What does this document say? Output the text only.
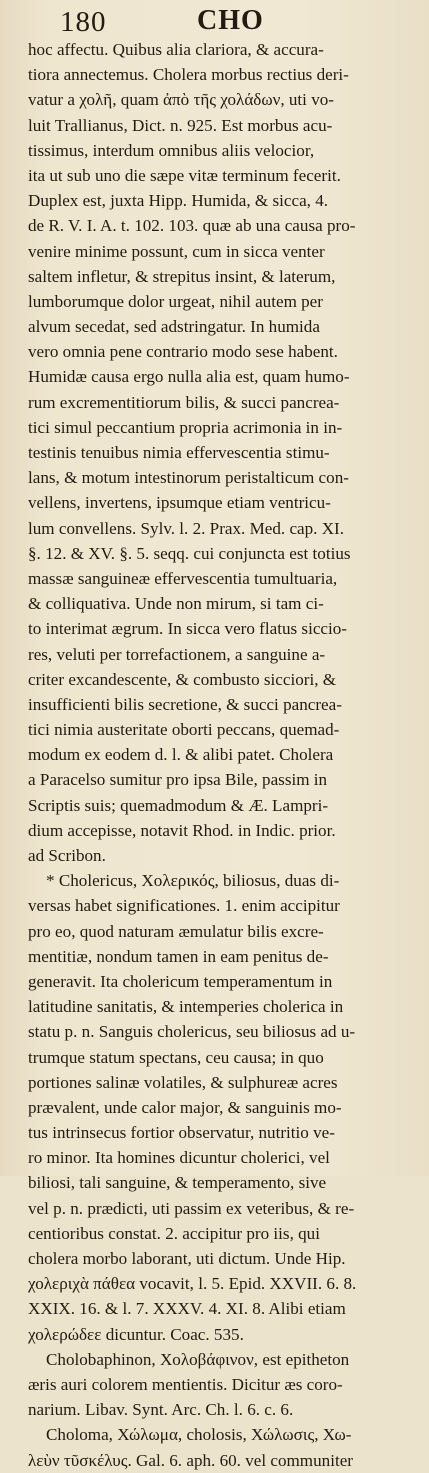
180	CHO
hoc affectu. Quibus alia clariora, & accura-
tiora annectemus. Cholera morbus rectius deri-
vatur a χολῆ, quam ἀπὸ τῆς χολάδων, uti vo-
luit Trallianus, Dict. n. 925. Est morbus acu-
tissimus, interdum omnibus aliis velocior,
ita ut sub uno die sæpe vitæ terminum fecerit.
Duplex est, juxta Hipp. Humida, & sicca, 4.
de R. V. I. A. t. 102. 103. quæ ab una causa pro-
venire minime possunt, cum in sicca venter
saltem infletur, & strepitus insint, & laterum,
lumborumque dolor urgeat, nihil autem per
alvum secedat, sed adstringatur. In humida
vero omnia pene contrario modo sese habent.
Humidæ causa ergo nulla alia est, quam humo-
rum excrementitiorum bilis, & succi pancrea-
tici simul peccantium propria acrimonia in in-
testinis tenuibus nimia effervescentia stimu-
lans, & motum intestinorum peristalticum con-
vellens, invertens, ipsumque etiam ventricu-
lum convellens. Sylv. l. 2. Prax. Med. cap. XI.
§. 12. & XV. §. 5. seqq. cui conjuncta est totius
massæ sanguineæ effervescentia tumultuaria,
& colliquativa. Unde non mirum, si tam ci-
to interimat ægrum. In sicca vero flatus siccio-
res, veluti per torrefactionem, a sanguine a-
criter excandescente, & combusto sicciori, &
insufficienti bilis secretione, & succi pancrea-
tici nimia austeritate oborti peccans, quemad-
modum ex eodem d. l. & alibi patet. Cholera
a Paracelso sumitur pro ipsa Bile, passim in
Scriptis suis; quemadmodum & Æ. Lampri-
dium accepisse, notavit Rhod. in Indic. prior.
ad Scribon.
* Cholericus, Χολερικός, biliosus, duas di-
versas habet significationes. 1. enim accipitur
pro eo, quod naturam æmulatur bilis excre-
mentitiæ, nondum tamen in eam penitus de-
generavit. Ita cholericum temperamentum in
latitudine sanitatis, & intemperies cholerica in
statu p. n. Sanguis cholericus, seu biliosus ad u-
trumque statum spectans, ceu causa; in quo
portiones salinæ volatiles, & sulphureæ acres
prævalent, unde calor major, & sanguinis mo-
tus intrinsecus fortior observatur, nutritio ve-
ro minor. Ita homines dicuntur cholerici, vel
biliosi, tali sanguine, & temperamento, sive
vel p. n. prædicti, uti passim ex veteribus, & re-
centioribus constat. 2. accipitur pro iis, qui
cholera morbo laborant, uti dictum. Unde Hip.
χολεριχὰ πάθεα vocavit, l. 5. Epid. XXVII. 6. 8.
XXIX. 16. & l. 7. XXXV. 4. XI. 8. Alibi etiam
χολερώδεε dicuntur. Coac. 535.
Cholobaphinon, Χολοβάφινον, est epitheton
æris auri colorem mentientis. Dicitur æs coro-
narium. Libav. Synt. Arc. Ch. l. 6. c. 6.
Choloma, Χώλωμα, cholosis, Χώλωσις, Χω-
λεὺν τῦσκέλυς. Gal. 6. aph. 60. vel communiter
